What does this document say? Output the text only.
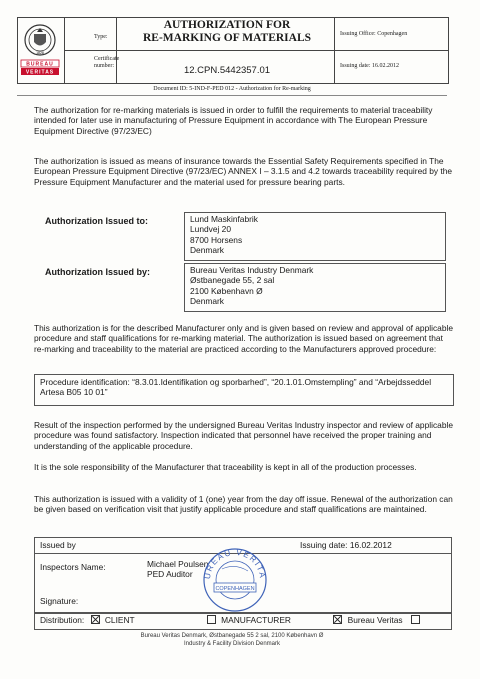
1828
BUREAU
VERITAS
Type:
AUTHORIZATION FOR
RE-MARKING OF MATERIALS	Issuing Office: Copenhagen
Certificate number:	12.CPN.5442357.01	Issuing date: 16.02.2012
Document ID: 5-IND-F-PED 012 - Authorization for Re-marking
The authorization for re-marking materials is issued in order to fulfill the requirements to material traceability intended for later use in manufacturing of Pressure Equipment in accordance with The European Pressure Equipment Directive (97/23/EC)
The authorization is issued as means of insurance towards the Essential Safety Requirements specified in The European Pressure Equipment Directive (97/23/EC) ANNEX I – 3.1.5 and 4.2 towards traceability required by the Pressure Equipment Manufacturer and the material used for pressure bearing parts.
Authorization Issued to:	Lund Maskinfabrik
Lundvej 20
8700 Horsens
Denmark
Authorization Issued by:	Bureau Veritas Industry Denmark
Østbanegade 55, 2 sal
2100 København Ø
Denmark
This authorization is for the described Manufacturer only and is given based on review and approval of applicable procedure and staff qualifications for re-marking material. The authorization is issued based on agreement that re-marking and traceability to the material are practiced according to the Manufacturers approved procedure:
Procedure identification: “8.3.01.Identifikation og sporbarhed”, “20.1.01.Omstempling” and “Arbejdsseddel Artesa B05 10 01”
Result of the inspection performed by the undersigned Bureau Veritas Industry inspector and review of applicable procedure was found satisfactory. Inspection indicated that personnel have received the proper training and understanding of the applicable procedure.
It is the sole responsibility of the Manufacturer that traceability is kept in all of the production processes.
This authorization is issued with a validity of 1 (one) year from the day off issue. Renewal of the authorization can be given based on verification visit that justify applicable procedure and staff qualifications are maintained.
Issued by	Issuing date: 16.02.2012
Inspectors Name:	Michael Poulsen
PED Auditor
Signature:
UREAU VERITA
COPENHAGEN
Distribution: CLIENT	MANUFACTURER	Bureau Veritas
Bureau Veritas Denmark, Østbanegade 55 2 sal, 2100 København Ø
Industry & Facility Division Denmark
